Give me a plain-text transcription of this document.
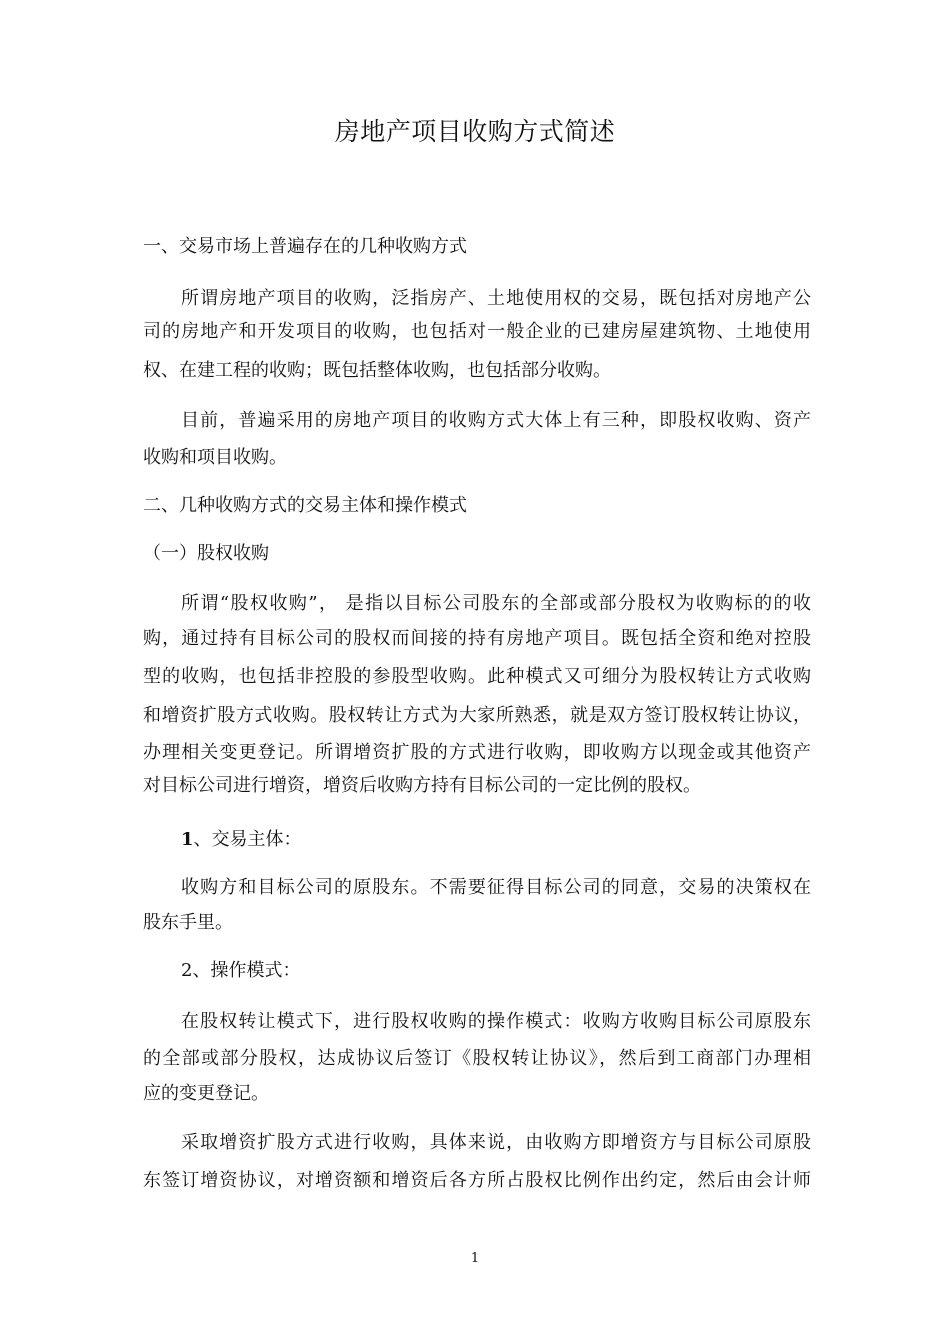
房地产项目收购方式简述

一、交易市场上普遍存在的几种收购方式

所谓房地产项目的收购，泛指房产、土地使用权的交易，既包括对房地产公

司的房地产和开发项目的收购，也包括对一般企业的已建房屋建筑物、土地使用

权、在建工程的收购；既包括整体收购，也包括部分收购。

目前，普遍采用的房地产项目的收购方式大体上有三种，即股权收购、资产

收购和项目收购。

二、几种收购方式的交易主体和操作模式

（一）股权收购

所谓“股权收购”， 是指以目标公司股东的全部或部分股权为收购标的的收

购，通过持有目标公司的股权而间接的持有房地产项目。既包括全资和绝对控股

型的收购，也包括非控股的参股型收购。此种模式又可细分为股权转让方式收购

和增资扩股方式收购。股权转让方式为大家所熟悉，就是双方签订股权转让协议，

办理相关变更登记。所谓增资扩股的方式进行收购，即收购方以现金或其他资产

对目标公司进行增资，增资后收购方持有目标公司的一定比例的股权。

1、交易主体：

收购方和目标公司的原股东。不需要征得目标公司的同意，交易的决策权在

股东手里。

2、操作模式：

在股权转让模式下，进行股权收购的操作模式：收购方收购目标公司原股东

的全部或部分股权，达成协议后签订《股权转让协议》，然后到工商部门办理相

应的变更登记。

采取增资扩股方式进行收购，具体来说，由收购方即增资方与目标公司原股

东签订增资协议，对增资额和增资后各方所占股权比例作出约定，然后由会计师

1
